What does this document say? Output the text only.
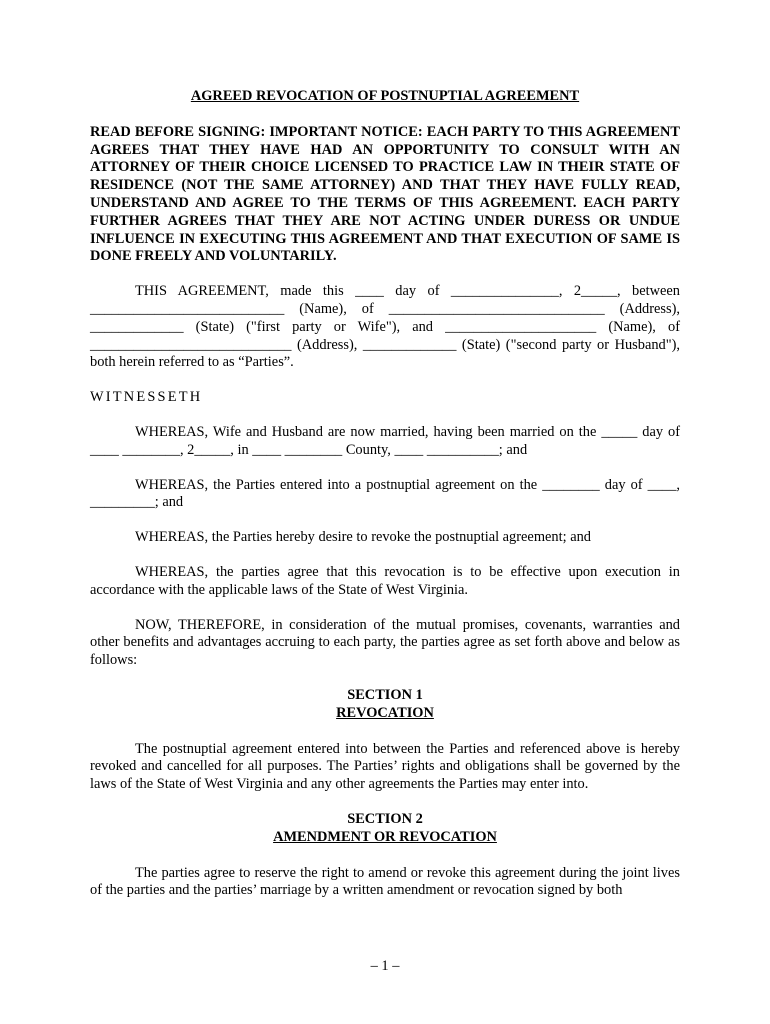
AGREED REVOCATION OF POSTNUPTIAL AGREEMENT

READ BEFORE SIGNING: IMPORTANT NOTICE: EACH PARTY TO THIS AGREEMENT AGREES THAT THEY HAVE HAD AN OPPORTUNITY TO CONSULT WITH AN ATTORNEY OF THEIR CHOICE LICENSED TO PRACTICE LAW IN THEIR STATE OF RESIDENCE (NOT THE SAME ATTORNEY) AND THAT THEY HAVE FULLY READ, UNDERSTAND AND AGREE TO THE TERMS OF THIS AGREEMENT. EACH PARTY FURTHER AGREES THAT THEY ARE NOT ACTING UNDER DURESS OR UNDUE INFLUENCE IN EXECUTING THIS AGREEMENT AND THAT EXECUTION OF SAME IS DONE FREELY AND VOLUNTARILY.

THIS AGREEMENT, made this ____ day of _______________, 2_____, between ___________________________ (Name), of ______________________________ (Address), _____________ (State) ("first party or Wife"), and _____________________ (Name), of ____________________________ (Address), _____________ (State) ("second party or Husband"), both herein referred to as “Parties”.

WITNESSETH

WHEREAS, Wife and Husband are now married, having been married on the _____ day of ____ ________, 2_____, in ____ ________ County, ____ __________; and

WHEREAS, the Parties entered into a postnuptial agreement on the ________ day of ____, _________; and

WHEREAS, the Parties hereby desire to revoke the postnuptial agreement; and

WHEREAS, the parties agree that this revocation is to be effective upon execution in accordance with the applicable laws of the State of West Virginia.

NOW, THEREFORE, in consideration of the mutual promises, covenants, warranties and other benefits and advantages accruing to each party, the parties agree as set forth above and below as follows:

SECTION 1
REVOCATION

The postnuptial agreement entered into between the Parties and referenced above is hereby revoked and cancelled for all purposes. The Parties’ rights and obligations shall be governed by the laws of the State of West Virginia and any other agreements the Parties may enter into.

SECTION 2
AMENDMENT OR REVOCATION

The parties agree to reserve the right to amend or revoke this agreement during the joint lives of the parties and the parties’ marriage by a written amendment or revocation signed by both

– 1 –
